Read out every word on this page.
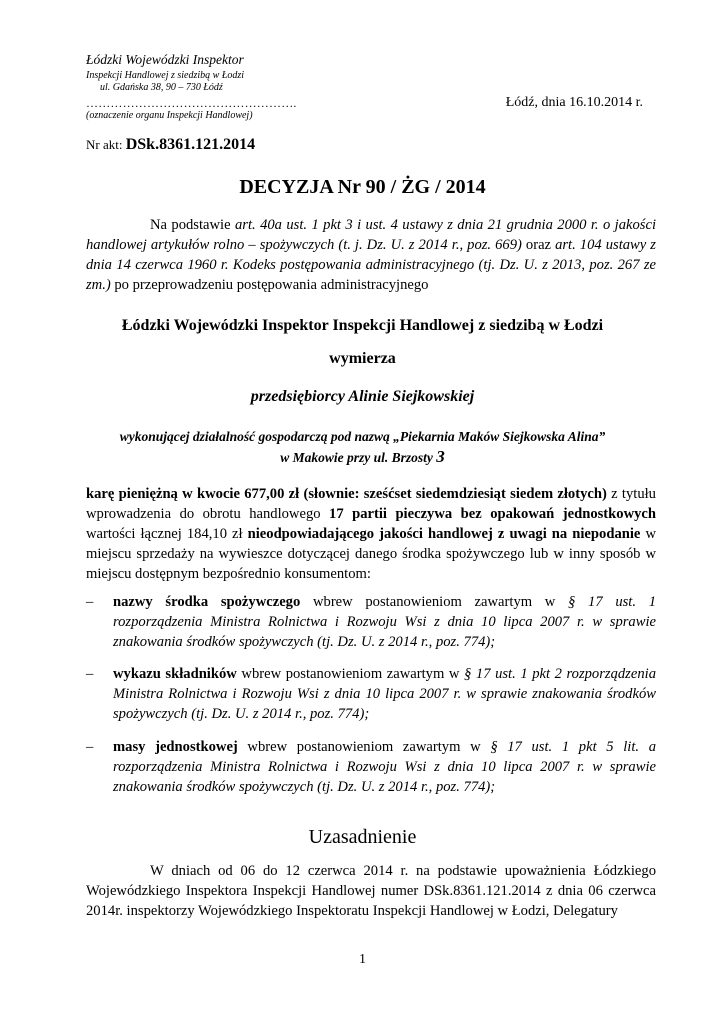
Łódzki Wojewódzki Inspektor
Inspekcji Handlowej z siedzibą w Łodzi
ul. Gdańska 38, 90 – 730 Łódź
…………………………………………….
(oznaczenie organu Inspekcji Handlowej)
Łódź, dnia 16.10.2014 r.
Nr akt: DSk.8361.121.2014
DECYZJA Nr 90 / ŻG / 2014
Na podstawie art. 40a ust. 1 pkt 3 i ust. 4 ustawy z dnia 21 grudnia 2000 r. o jakości handlowej artykułów rolno – spożywczych (t. j. Dz. U. z 2014 r., poz. 669) oraz art. 104 ustawy z dnia 14 czerwca 1960 r. Kodeks postępowania administracyjnego (tj. Dz. U. z 2013, poz. 267 ze zm.) po przeprowadzeniu postępowania administracyjnego
Łódzki Wojewódzki Inspektor Inspekcji Handlowej z siedzibą w Łodzi
wymierza
przedsiębiorcy Alinie Siejkowskiej
wykonującej działalność gospodarczą pod nazwą „Piekarnia Maków Siejkowska Alina”
w Makowie przy ul. Brzosty 3
karę pieniężną w kwocie 677,00 zł (słownie: sześćset siedemdziesiąt siedem złotych) z tytułu wprowadzenia do obrotu handlowego 17 partii pieczywa bez opakowań jednostkowych wartości łącznej 184,10 zł nieodpowiadającego jakości handlowej z uwagi na niepodanie w miejscu sprzedaży na wywieszce dotyczącej danego środka spożywczego lub w inny sposób w miejscu dostępnym bezpośrednio konsumentom:
– nazwy środka spożywczego wbrew postanowieniom zawartym w § 17 ust. 1 rozporządzenia Ministra Rolnictwa i Rozwoju Wsi z dnia 10 lipca 2007 r. w sprawie znakowania środków spożywczych (tj. Dz. U. z 2014 r., poz. 774);
– wykazu składników wbrew postanowieniom zawartym w § 17 ust. 1 pkt 2 rozporządzenia Ministra Rolnictwa i Rozwoju Wsi z dnia 10 lipca 2007 r. w sprawie znakowania środków spożywczych (tj. Dz. U. z 2014 r., poz. 774);
– masy jednostkowej wbrew postanowieniom zawartym w § 17 ust. 1 pkt 5 lit. a rozporządzenia Ministra Rolnictwa i Rozwoju Wsi z dnia 10 lipca 2007 r. w sprawie znakowania środków spożywczych (tj. Dz. U. z 2014 r., poz. 774);
Uzasadnienie
W dniach od 06 do 12 czerwca 2014 r. na podstawie upoważnienia Łódzkiego Wojewódzkiego Inspektora Inspekcji Handlowej numer DSk.8361.121.2014 z dnia 06 czerwca 2014r. inspektorzy Wojewódzkiego Inspektoratu Inspekcji Handlowej w Łodzi, Delegatury
1
